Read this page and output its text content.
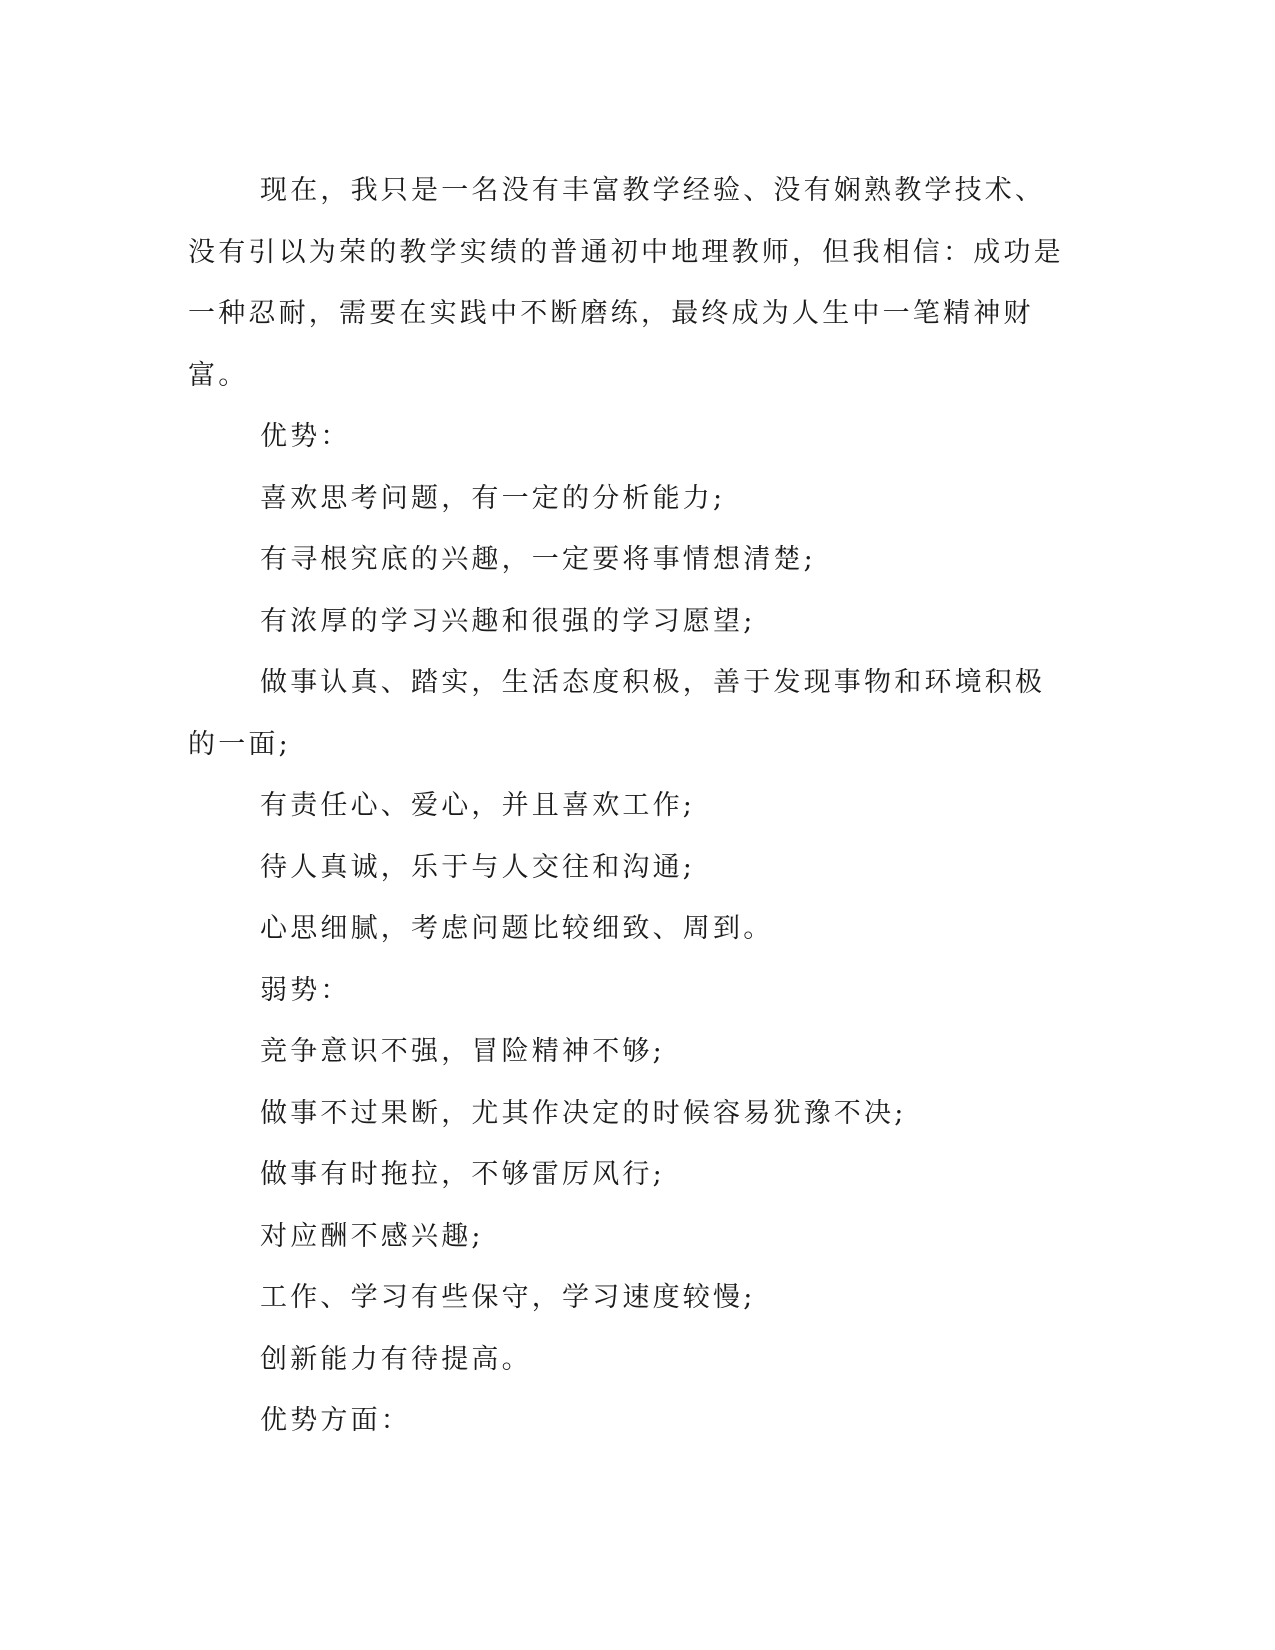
现在，我只是一名没有丰富教学经验、没有娴熟教学技术、没有引以为荣的教学实绩的普通初中地理教师，但我相信：成功是一种忍耐，需要在实践中不断磨练，最终成为人生中一笔精神财富。

优势：

喜欢思考问题，有一定的分析能力;

有寻根究底的兴趣，一定要将事情想清楚;

有浓厚的学习兴趣和很强的学习愿望;

做事认真、踏实，生活态度积极，善于发现事物和环境积极的一面;

有责任心、爱心，并且喜欢工作;

待人真诚，乐于与人交往和沟通;

心思细腻，考虑问题比较细致、周到。

弱势：

竞争意识不强，冒险精神不够;

做事不过果断，尤其作决定的时候容易犹豫不决;

做事有时拖拉，不够雷厉风行;

对应酬不感兴趣;

工作、学习有些保守，学习速度较慢;

创新能力有待提高。

优势方面：
